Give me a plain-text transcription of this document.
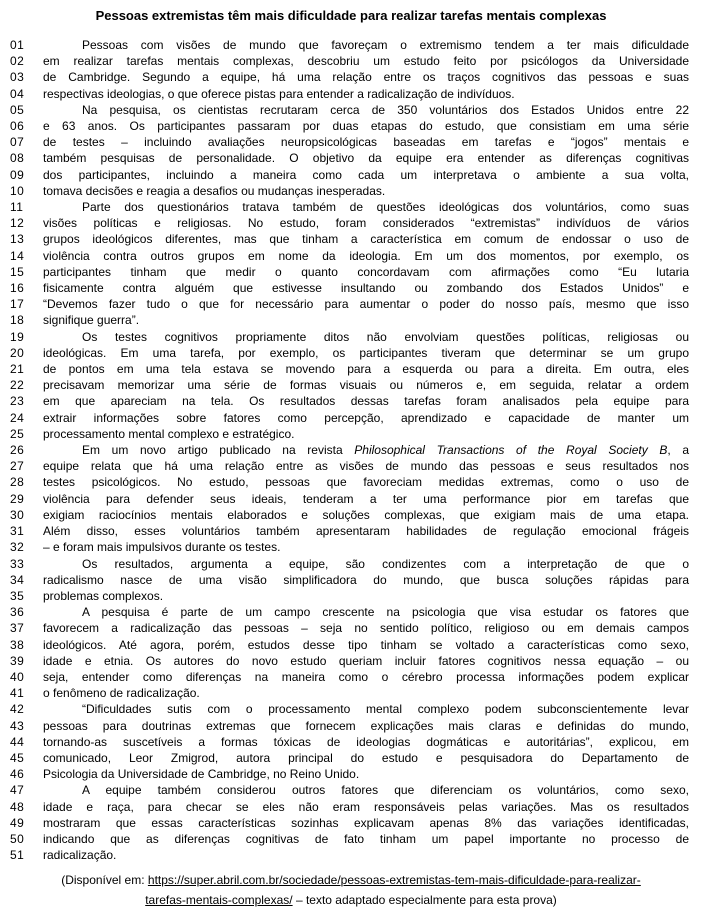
Pessoas extremistas têm mais dificuldade para realizar tarefas mentais complexas
01	Pessoas com visões de mundo que favoreçam o extremismo tendem a ter mais dificuldade
02	em realizar tarefas mentais complexas, descobriu um estudo feito por psicólogos da Universidade
03	de Cambridge. Segundo a equipe, há uma relação entre os traços cognitivos das pessoas e suas
04	respectivas ideologias, o que oferece pistas para entender a radicalização de indivíduos.
05	Na pesquisa, os cientistas recrutaram cerca de 350 voluntários dos Estados Unidos entre 22
06	e 63 anos. Os participantes passaram por duas etapas do estudo, que consistiam em uma série
07	de testes – incluindo avaliações neuropsicológicas baseadas em tarefas e “jogos” mentais e
08	também pesquisas de personalidade. O objetivo da equipe era entender as diferenças cognitivas
09	dos participantes, incluindo a maneira como cada um interpretava o ambiente a sua volta,
10	tomava decisões e reagia a desafios ou mudanças inesperadas.
11	Parte dos questionários tratava também de questões ideológicas dos voluntários, como suas
12	visões políticas e religiosas. No estudo, foram considerados “extremistas” indivíduos de vários
13	grupos ideológicos diferentes, mas que tinham a característica em comum de endossar o uso de
14	violência contra outros grupos em nome da ideologia. Em um dos momentos, por exemplo, os
15	participantes tinham que medir o quanto concordavam com afirmações como “Eu lutaria
16	fisicamente contra alguém que estivesse insultando ou zombando dos Estados Unidos” e
17	“Devemos fazer tudo o que for necessário para aumentar o poder do nosso país, mesmo que isso
18	signifique guerra”.
19	Os testes cognitivos propriamente ditos não envolviam questões políticas, religiosas ou
20	ideológicas. Em uma tarefa, por exemplo, os participantes tiveram que determinar se um grupo
21	de pontos em uma tela estava se movendo para a esquerda ou para a direita. Em outra, eles
22	precisavam memorizar uma série de formas visuais ou números e, em seguida, relatar a ordem
23	em que apareciam na tela. Os resultados dessas tarefas foram analisados pela equipe para
24	extrair informações sobre fatores como percepção, aprendizado e capacidade de manter um
25	processamento mental complexo e estratégico.
26	Em um novo artigo publicado na revista Philosophical Transactions of the Royal Society B, a
27	equipe relata que há uma relação entre as visões de mundo das pessoas e seus resultados nos
28	testes psicológicos. No estudo, pessoas que favoreciam medidas extremas, como o uso de
29	violência para defender seus ideais, tenderam a ter uma performance pior em tarefas que
30	exigiam raciocínios mentais elaborados e soluções complexas, que exigiam mais de uma etapa.
31	Além disso, esses voluntários também apresentaram habilidades de regulação emocional frágeis
32	– e foram mais impulsivos durante os testes.
33	Os resultados, argumenta a equipe, são condizentes com a interpretação de que o
34	radicalismo nasce de uma visão simplificadora do mundo, que busca soluções rápidas para
35	problemas complexos.
36	A pesquisa é parte de um campo crescente na psicologia que visa estudar os fatores que
37	favorecem a radicalização das pessoas – seja no sentido político, religioso ou em demais campos
38	ideológicos. Até agora, porém, estudos desse tipo tinham se voltado a características como sexo,
39	idade e etnia. Os autores do novo estudo queriam incluir fatores cognitivos nessa equação – ou
40	seja, entender como diferenças na maneira como o cérebro processa informações podem explicar
41	o fenômeno de radicalização.
42	“Dificuldades sutis com o processamento mental complexo podem subconscientemente levar
43	pessoas para doutrinas extremas que fornecem explicações mais claras e definidas do mundo,
44	tornando-as suscetíveis a formas tóxicas de ideologias dogmáticas e autoritárias”, explicou, em
45	comunicado, Leor Zmigrod, autora principal do estudo e pesquisadora do Departamento de
46	Psicologia da Universidade de Cambridge, no Reino Unido.
47	A equipe também considerou outros fatores que diferenciam os voluntários, como sexo,
48	idade e raça, para checar se eles não eram responsáveis pelas variações. Mas os resultados
49	mostraram que essas características sozinhas explicavam apenas 8% das variações identificadas,
50	indicando que as diferenças cognitivas de fato tinham um papel importante no processo de
51	radicalização.
(Disponível em: https://super.abril.com.br/sociedade/pessoas-extremistas-tem-mais-dificuldade-para-realizar-
tarefas-mentais-complexas/ – texto adaptado especialmente para esta prova)
